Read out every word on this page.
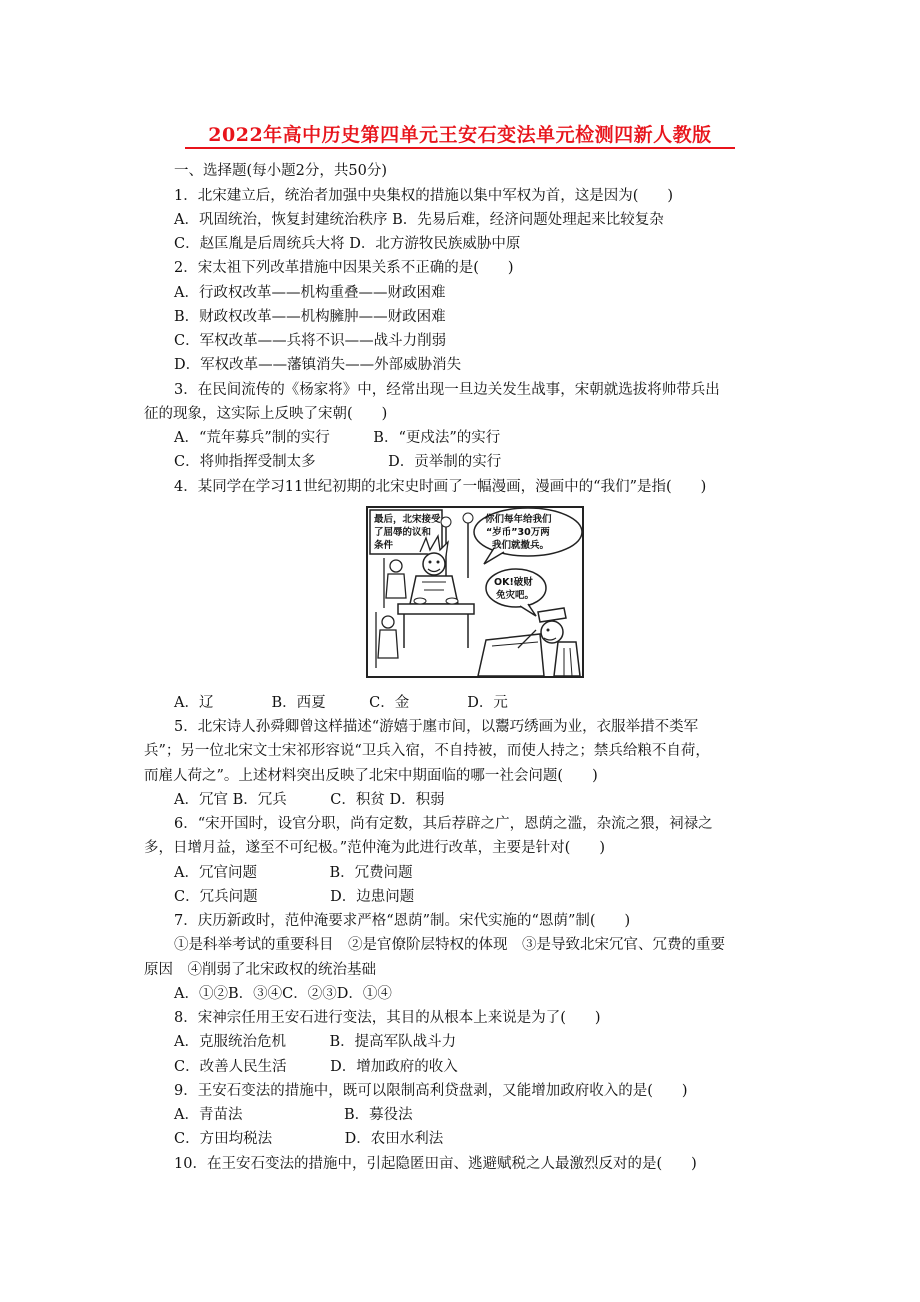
2022年高中历史第四单元王安石变法单元检测四新人教版
一、选择题(每小题2分，共50分)
1．北宋建立后，统治者加强中央集权的措施以集中军权为首，这是因为(　　)
A．巩固统治，恢复封建统治秩序 B．先易后难，经济问题处理起来比较复杂
C．赵匡胤是后周统兵大将 D．北方游牧民族威胁中原
2．宋太祖下列改革措施中因果关系不正确的是(　　)
A．行政权改革——机构重叠——财政困难
B．财政权改革——机构臃肿——财政困难
C．军权改革——兵将不识——战斗力削弱
D．军权改革——藩镇消失——外部威胁消失
3．在民间流传的《杨家将》中，经常出现一旦边关发生战事，宋朝就选拔将帅带兵出
征的现象，这实际上反映了宋朝(　　)
A．“荒年募兵”制的实行　　　B．“更戍法”的实行
C．将帅指挥受制太多　　　　　D．贡举制的实行
4．某同学在学习11世纪初期的北宋史时画了一幅漫画，漫画中的“我们”是指(　　)
最后，北宋接受
了屈辱的议和
条件
你们每年给我们
“岁币”30万两
我们就撤兵。
OK!破财
免灾吧。
A．辽　　　　B．西夏　　　C．金　　　　D．元
5．北宋诗人孙舜卿曾这样描述“游嬉于廛市间，以鬻巧绣画为业，衣服举措不类军
兵”；另一位北宋文士宋祁形容说“卫兵入宿，不自持被，而使人持之；禁兵给粮不自荷，
而雇人荷之”。上述材料突出反映了北宋中期面临的哪一社会问题(　　)
A．冗官 B．冗兵　　　C．积贫 D．积弱
6．“宋开国时，设官分职，尚有定数，其后荐辟之广，恩荫之滥，杂流之猥，祠禄之
多，日增月益，遂至不可纪极。”范仲淹为此进行改革，主要是针对(　　)
A．冗官问题　　　　　B．冗费问题
C．冗兵问题　　　　　D．边患问题
7．庆历新政时，范仲淹要求严格“恩荫”制。宋代实施的“恩荫”制(　　)
①是科举考试的重要科目　②是官僚阶层特权的体现　③是导致北宋冗官、冗费的重要
原因　④削弱了北宋政权的统治基础
A．①②B．③④C．②③D．①④
8．宋神宗任用王安石进行变法，其目的从根本上来说是为了(　　)
A．克服统治危机　　　B．提高军队战斗力
C．改善人民生活　　　D．增加政府的收入
9．王安石变法的措施中，既可以限制高利贷盘剥，又能增加政府收入的是(　　)
A．青苗法　　　　　　　B．募役法
C．方田均税法　　　　　D．农田水利法
10．在王安石变法的措施中，引起隐匿田亩、逃避赋税之人最激烈反对的是(　　)
